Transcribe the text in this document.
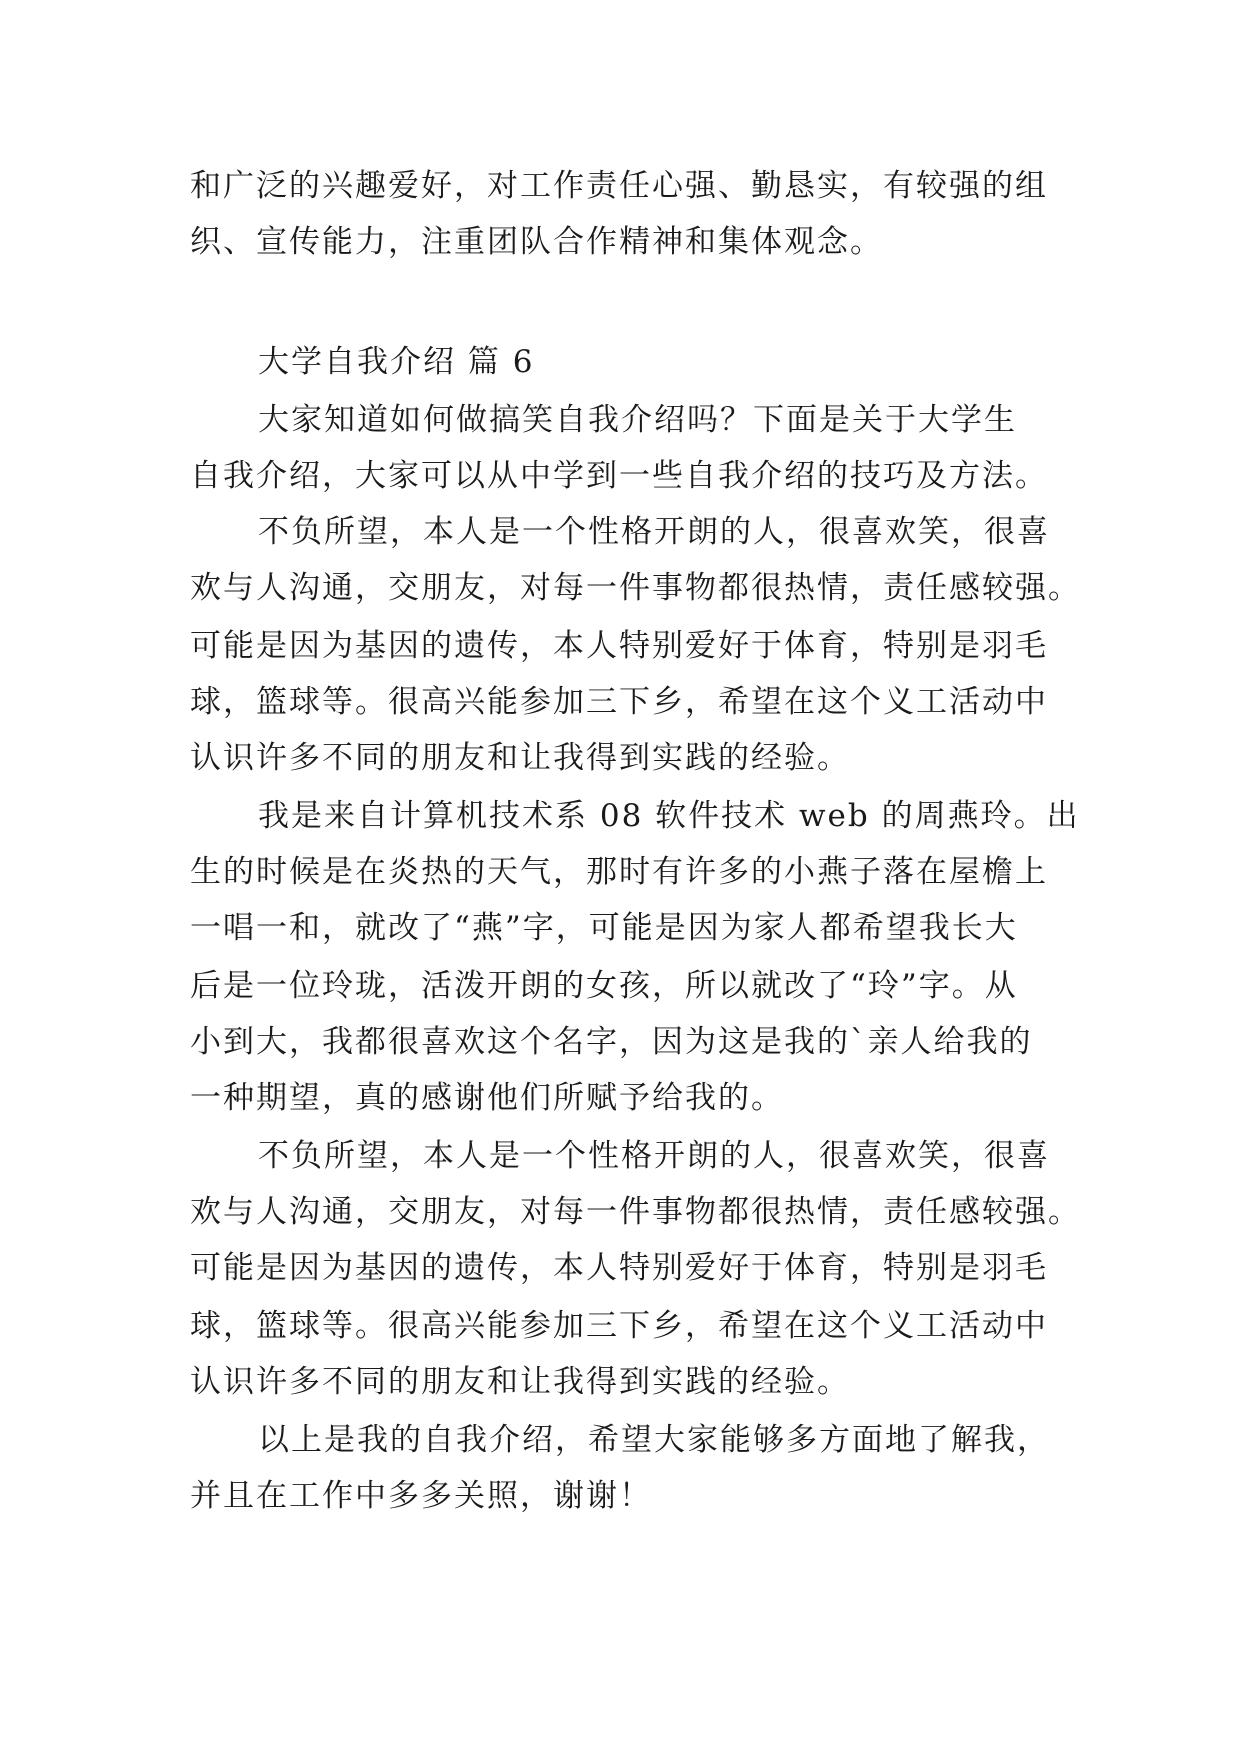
和广泛的兴趣爱好，对工作责任心强、勤恳实，有较强的组
织、宣传能力，注重团队合作精神和集体观念。
大学自我介绍 篇 6
大家知道如何做搞笑自我介绍吗？下面是关于大学生
自我介绍，大家可以从中学到一些自我介绍的技巧及方法。
不负所望，本人是一个性格开朗的人，很喜欢笑，很喜
欢与人沟通，交朋友，对每一件事物都很热情，责任感较强。
可能是因为基因的遗传，本人特别爱好于体育，特别是羽毛
球，篮球等。很高兴能参加三下乡，希望在这个义工活动中
认识许多不同的朋友和让我得到实践的经验。
我是来自计算机技术系 08 软件技术 web 的周燕玲。出
生的时候是在炎热的天气，那时有许多的小燕子落在屋檐上
一唱一和，就改了“燕”字，可能是因为家人都希望我长大
后是一位玲珑，活泼开朗的女孩，所以就改了“玲”字。从
小到大，我都很喜欢这个名字，因为这是我的`亲人给我的
一种期望，真的感谢他们所赋予给我的。
不负所望，本人是一个性格开朗的人，很喜欢笑，很喜
欢与人沟通，交朋友，对每一件事物都很热情，责任感较强。
可能是因为基因的遗传，本人特别爱好于体育，特别是羽毛
球，篮球等。很高兴能参加三下乡，希望在这个义工活动中
认识许多不同的朋友和让我得到实践的经验。
以上是我的自我介绍，希望大家能够多方面地了解我，
并且在工作中多多关照，谢谢！
